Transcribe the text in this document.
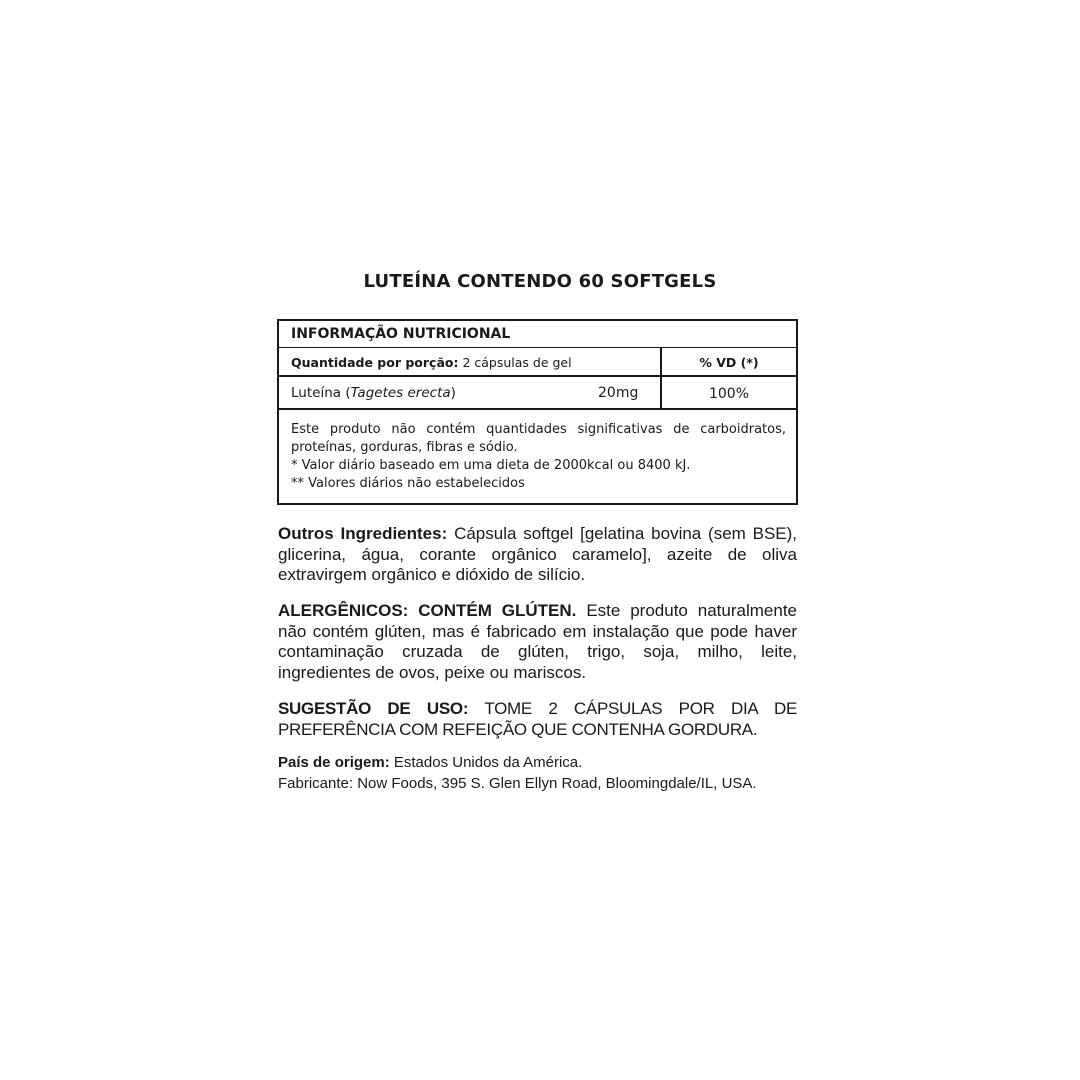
LUTEÍNA CONTENDO 60 SOFTGELS
INFORMAÇÃO NUTRICIONAL
Quantidade por porção: 2 cápsulas de gel	% VD (*)
Luteína (Tagetes erecta)	20mg	100%
Este produto não contém quantidades significativas de carboidratos, proteínas, gorduras, fibras e sódio.
* Valor diário baseado em uma dieta de 2000kcal ou 8400 kJ.
** Valores diários não estabelecidos
Outros Ingredientes: Cápsula softgel [gelatina bovina (sem BSE), glicerina, água, corante orgânico caramelo], azeite de oliva extravirgem orgânico e dióxido de silício.
ALERGÊNICOS: CONTÉM GLÚTEN. Este produto naturalmente não contém glúten, mas é fabricado em instalação que pode haver contaminação cruzada de glúten, trigo, soja, milho, leite, ingredientes de ovos, peixe ou mariscos.
SUGESTÃO DE USO: TOME 2 CÁPSULAS POR DIA DE PREFERÊNCIA COM REFEIÇÃO QUE CONTENHA GORDURA.
País de origem: Estados Unidos da América.
Fabricante: Now Foods, 395 S. Glen Ellyn Road, Bloomingdale/IL, USA.
